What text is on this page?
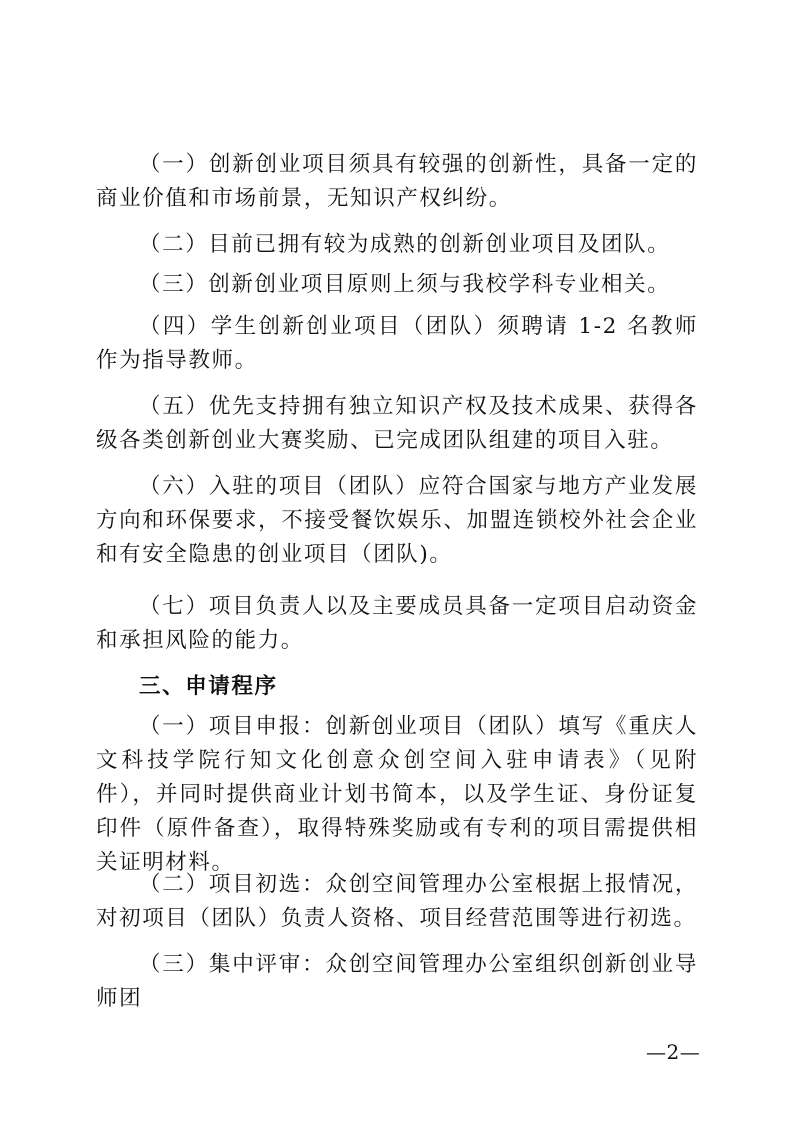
（一）创新创业项目须具有较强的创新性，具备一定的商业价值和市场前景，无知识产权纠纷。

（二）目前已拥有较为成熟的创新创业项目及团队。

（三）创新创业项目原则上须与我校学科专业相关。

（四）学生创新创业项目（团队）须聘请 1-2 名教师作为指导教师。

（五）优先支持拥有独立知识产权及技术成果、获得各级各类创新创业大赛奖励、已完成团队组建的项目入驻。

（六）入驻的项目（团队）应符合国家与地方产业发展方向和环保要求，不接受餐饮娱乐、加盟连锁校外社会企业和有安全隐患的创业项目（团队)。

（七）项目负责人以及主要成员具备一定项目启动资金和承担风险的能力。

三、申请程序

（一）项目申报：创新创业项目（团队）填写《重庆人文科技学院行知文化创意众创空间入驻申请表》（见附件），并同时提供商业计划书简本，以及学生证、身份证复印件（原件备查），取得特殊奖励或有专利的项目需提供相关证明材料。

（二）项目初选：众创空间管理办公室根据上报情况，对初项目（团队）负责人资格、项目经营范围等进行初选。

（三）集中评审：众创空间管理办公室组织创新创业导师团

—2—
